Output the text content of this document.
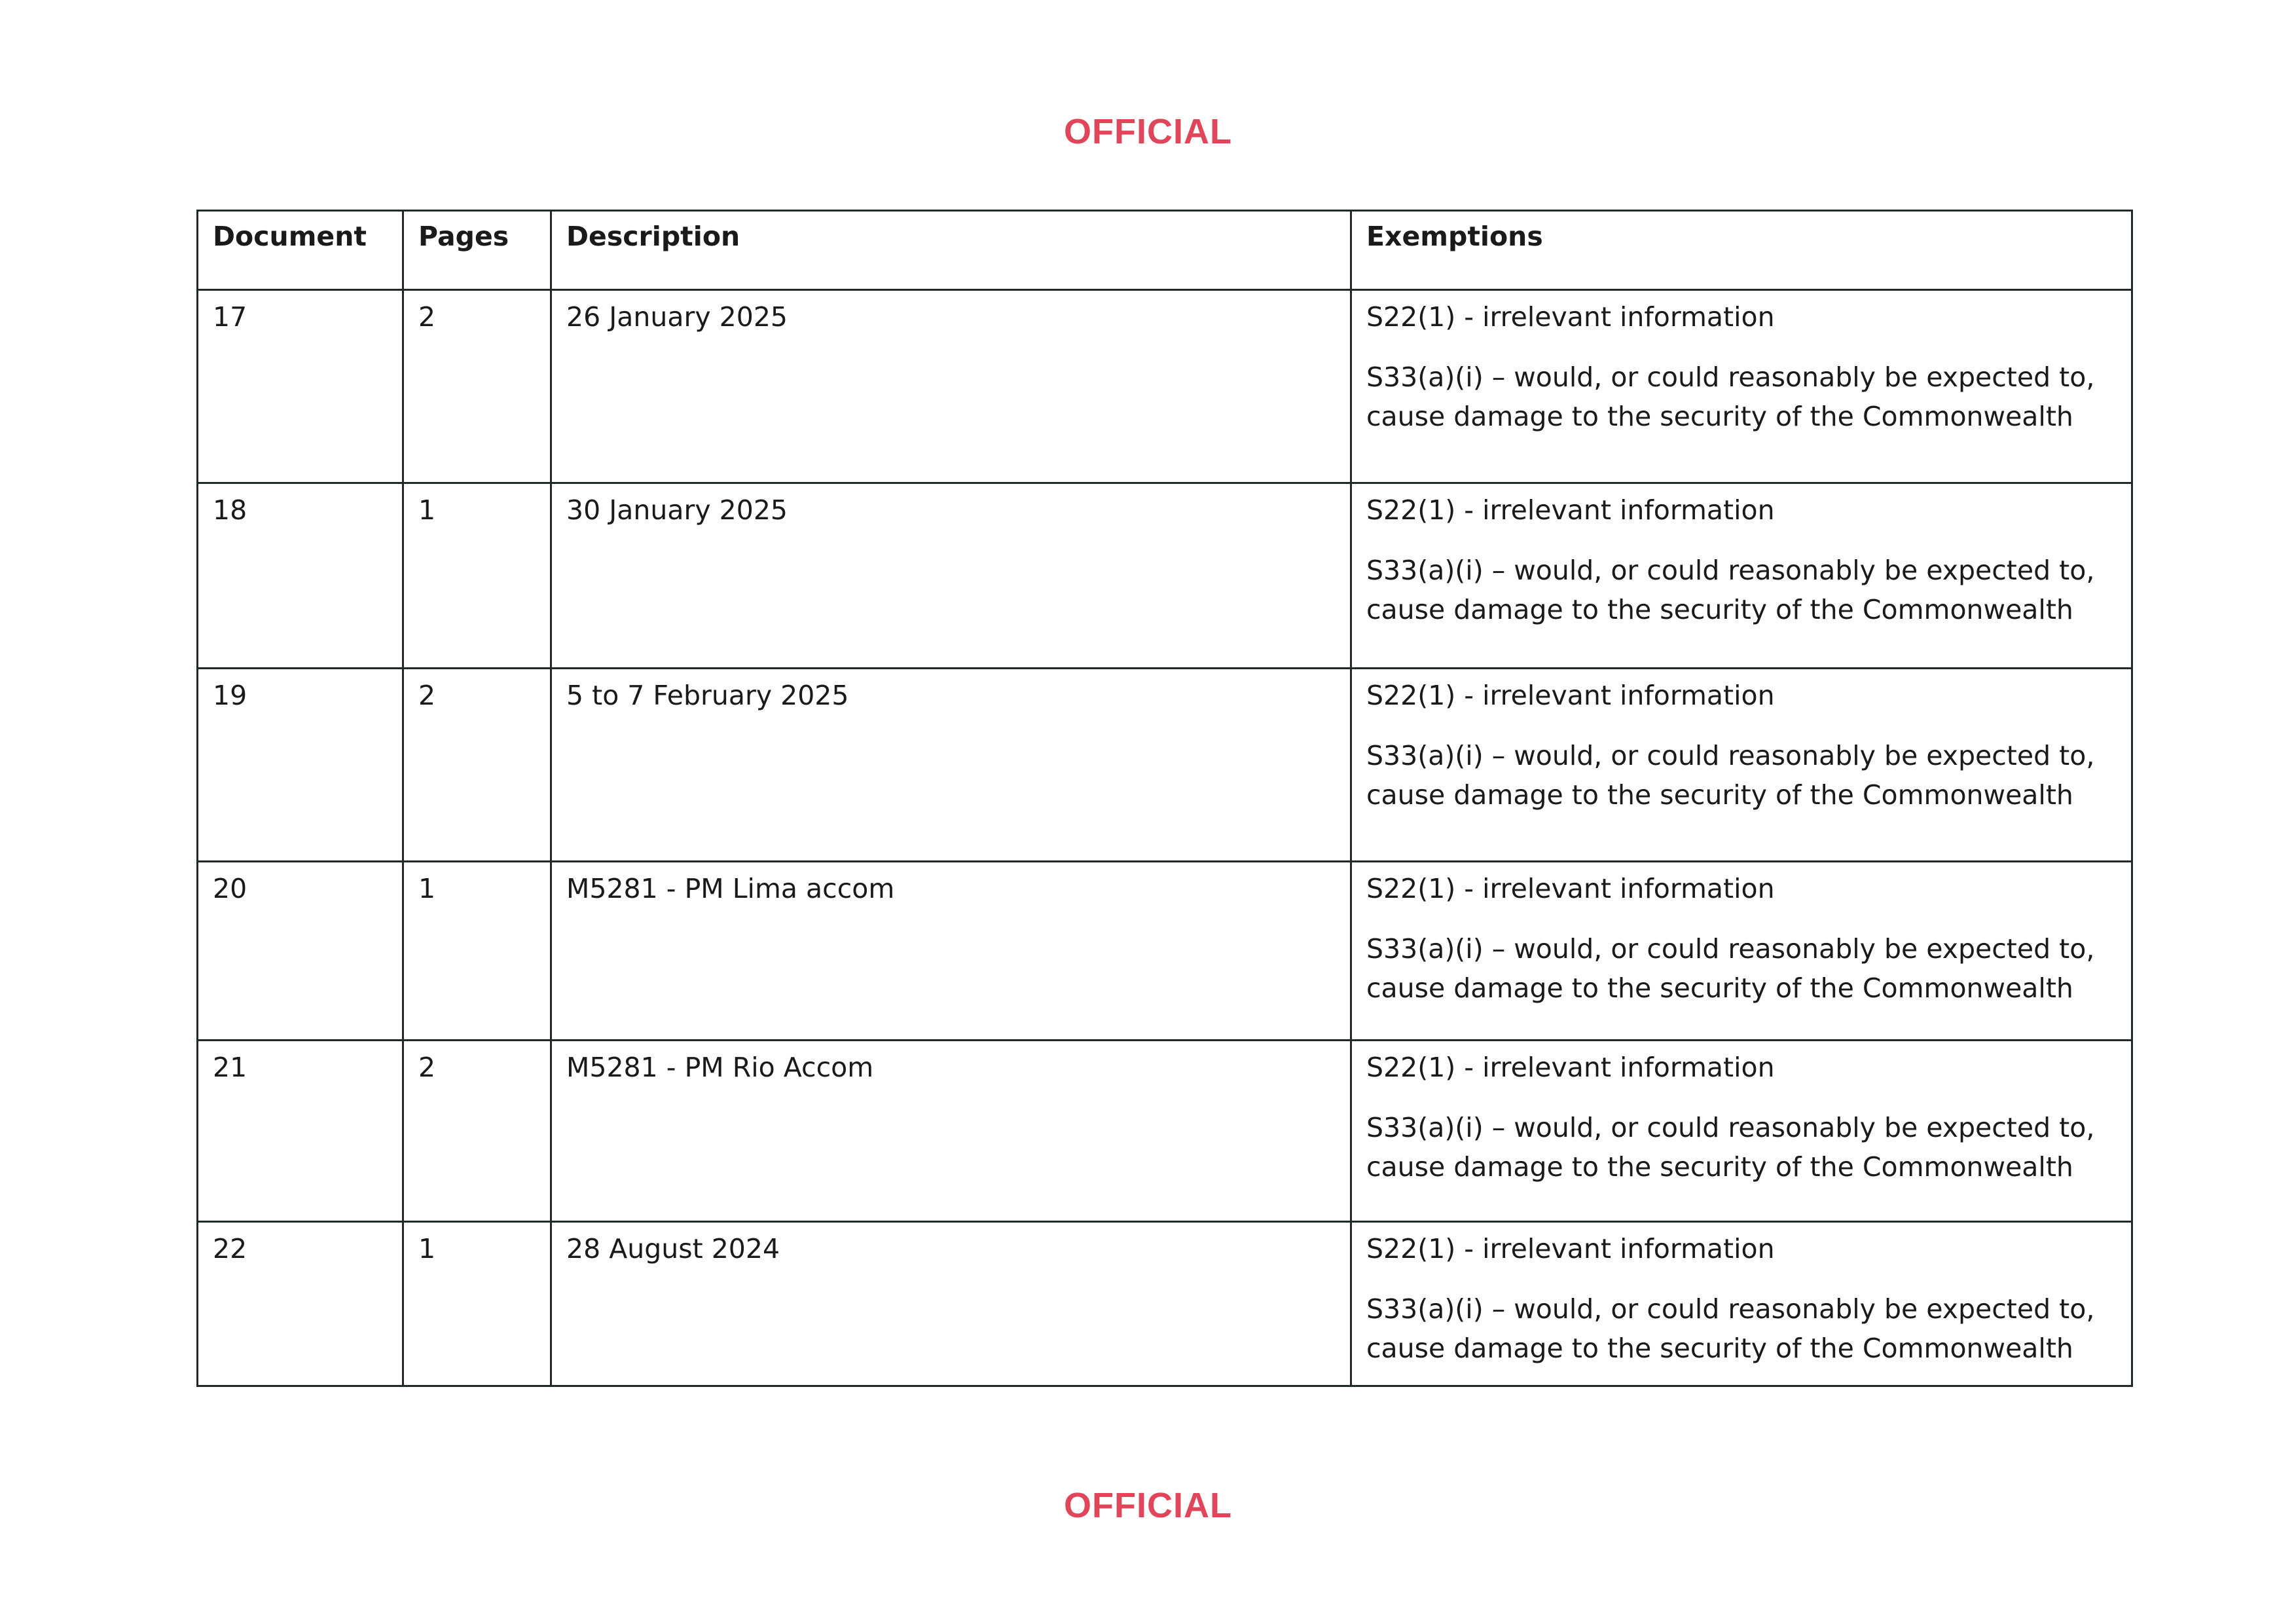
OFFICIAL
Document	Pages	Description	Exemptions
17	2	26 January 2025	S22(1) - irrelevant information
S33(a)(i) – would, or could reasonably be expected to, cause damage to the security of the Commonwealth

18	1	30 January 2025	S22(1) - irrelevant information
S33(a)(i) – would, or could reasonably be expected to, cause damage to the security of the Commonwealth

19	2	5 to 7 February 2025	S22(1) - irrelevant information
S33(a)(i) – would, or could reasonably be expected to, cause damage to the security of the Commonwealth

20	1	M5281 - PM Lima accom	S22(1) - irrelevant information
S33(a)(i) – would, or could reasonably be expected to, cause damage to the security of the Commonwealth

21	2	M5281 - PM Rio Accom	S22(1) - irrelevant information
S33(a)(i) – would, or could reasonably be expected to, cause damage to the security of the Commonwealth

22	1	28 August 2024	S22(1) - irrelevant information
S33(a)(i) – would, or could reasonably be expected to, cause damage to the security of the Commonwealth
OFFICIAL
